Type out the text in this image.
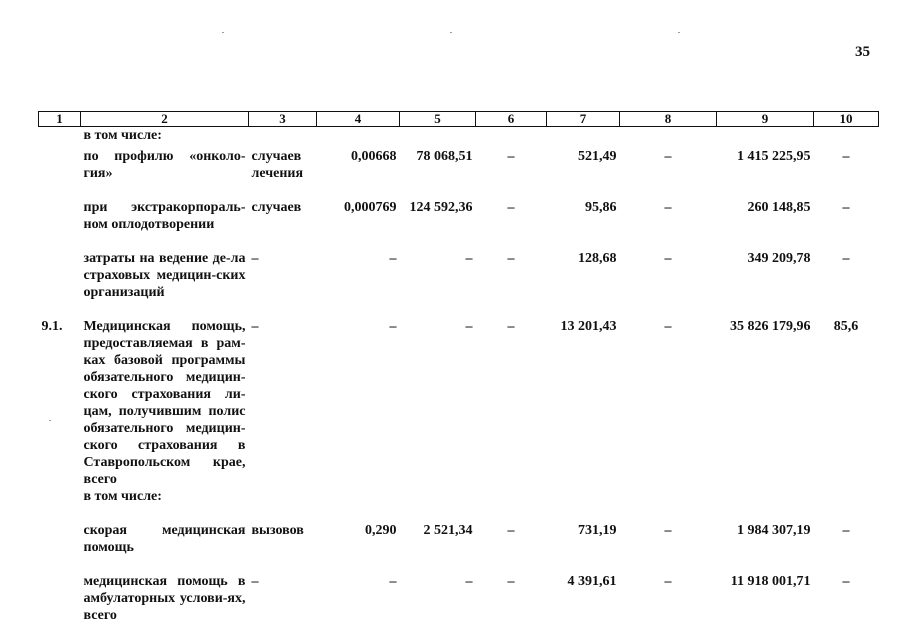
35
1	2	3	4	5	6	7	8	9	10
	в том числе:								
	по профилю «онколо-гия»	случаев лечения	0,00668	78 068,51	–	521,49	–	1 415 225,95	–
	при экстракорпораль-ном оплодотворении	случаев	0,000769	124 592,36	–	95,86	–	260 148,85	–
	затраты на ведение де-ла страховых медицин-ских организаций	–	–	–	–	128,68	–	349 209,78	–
9.1.	Медицинская помощь, предоставляемая в рам-ках базовой программы обязательного медицин-ского страхования ли-цам, получившим полис обязательного медицин-ского страхования в Ставропольском крае, всего	–	–	–	–	13 201,43	–	35 826 179,96	85,6
	в том числе:								
	скорая медицинская помощь	вызовов	0,290	2 521,34	–	731,19	–	1 984 307,19	–
	медицинская помощь в амбулаторных услови-ях, всего	–	–	–	–	4 391,61	–	11 918 001,71	–
